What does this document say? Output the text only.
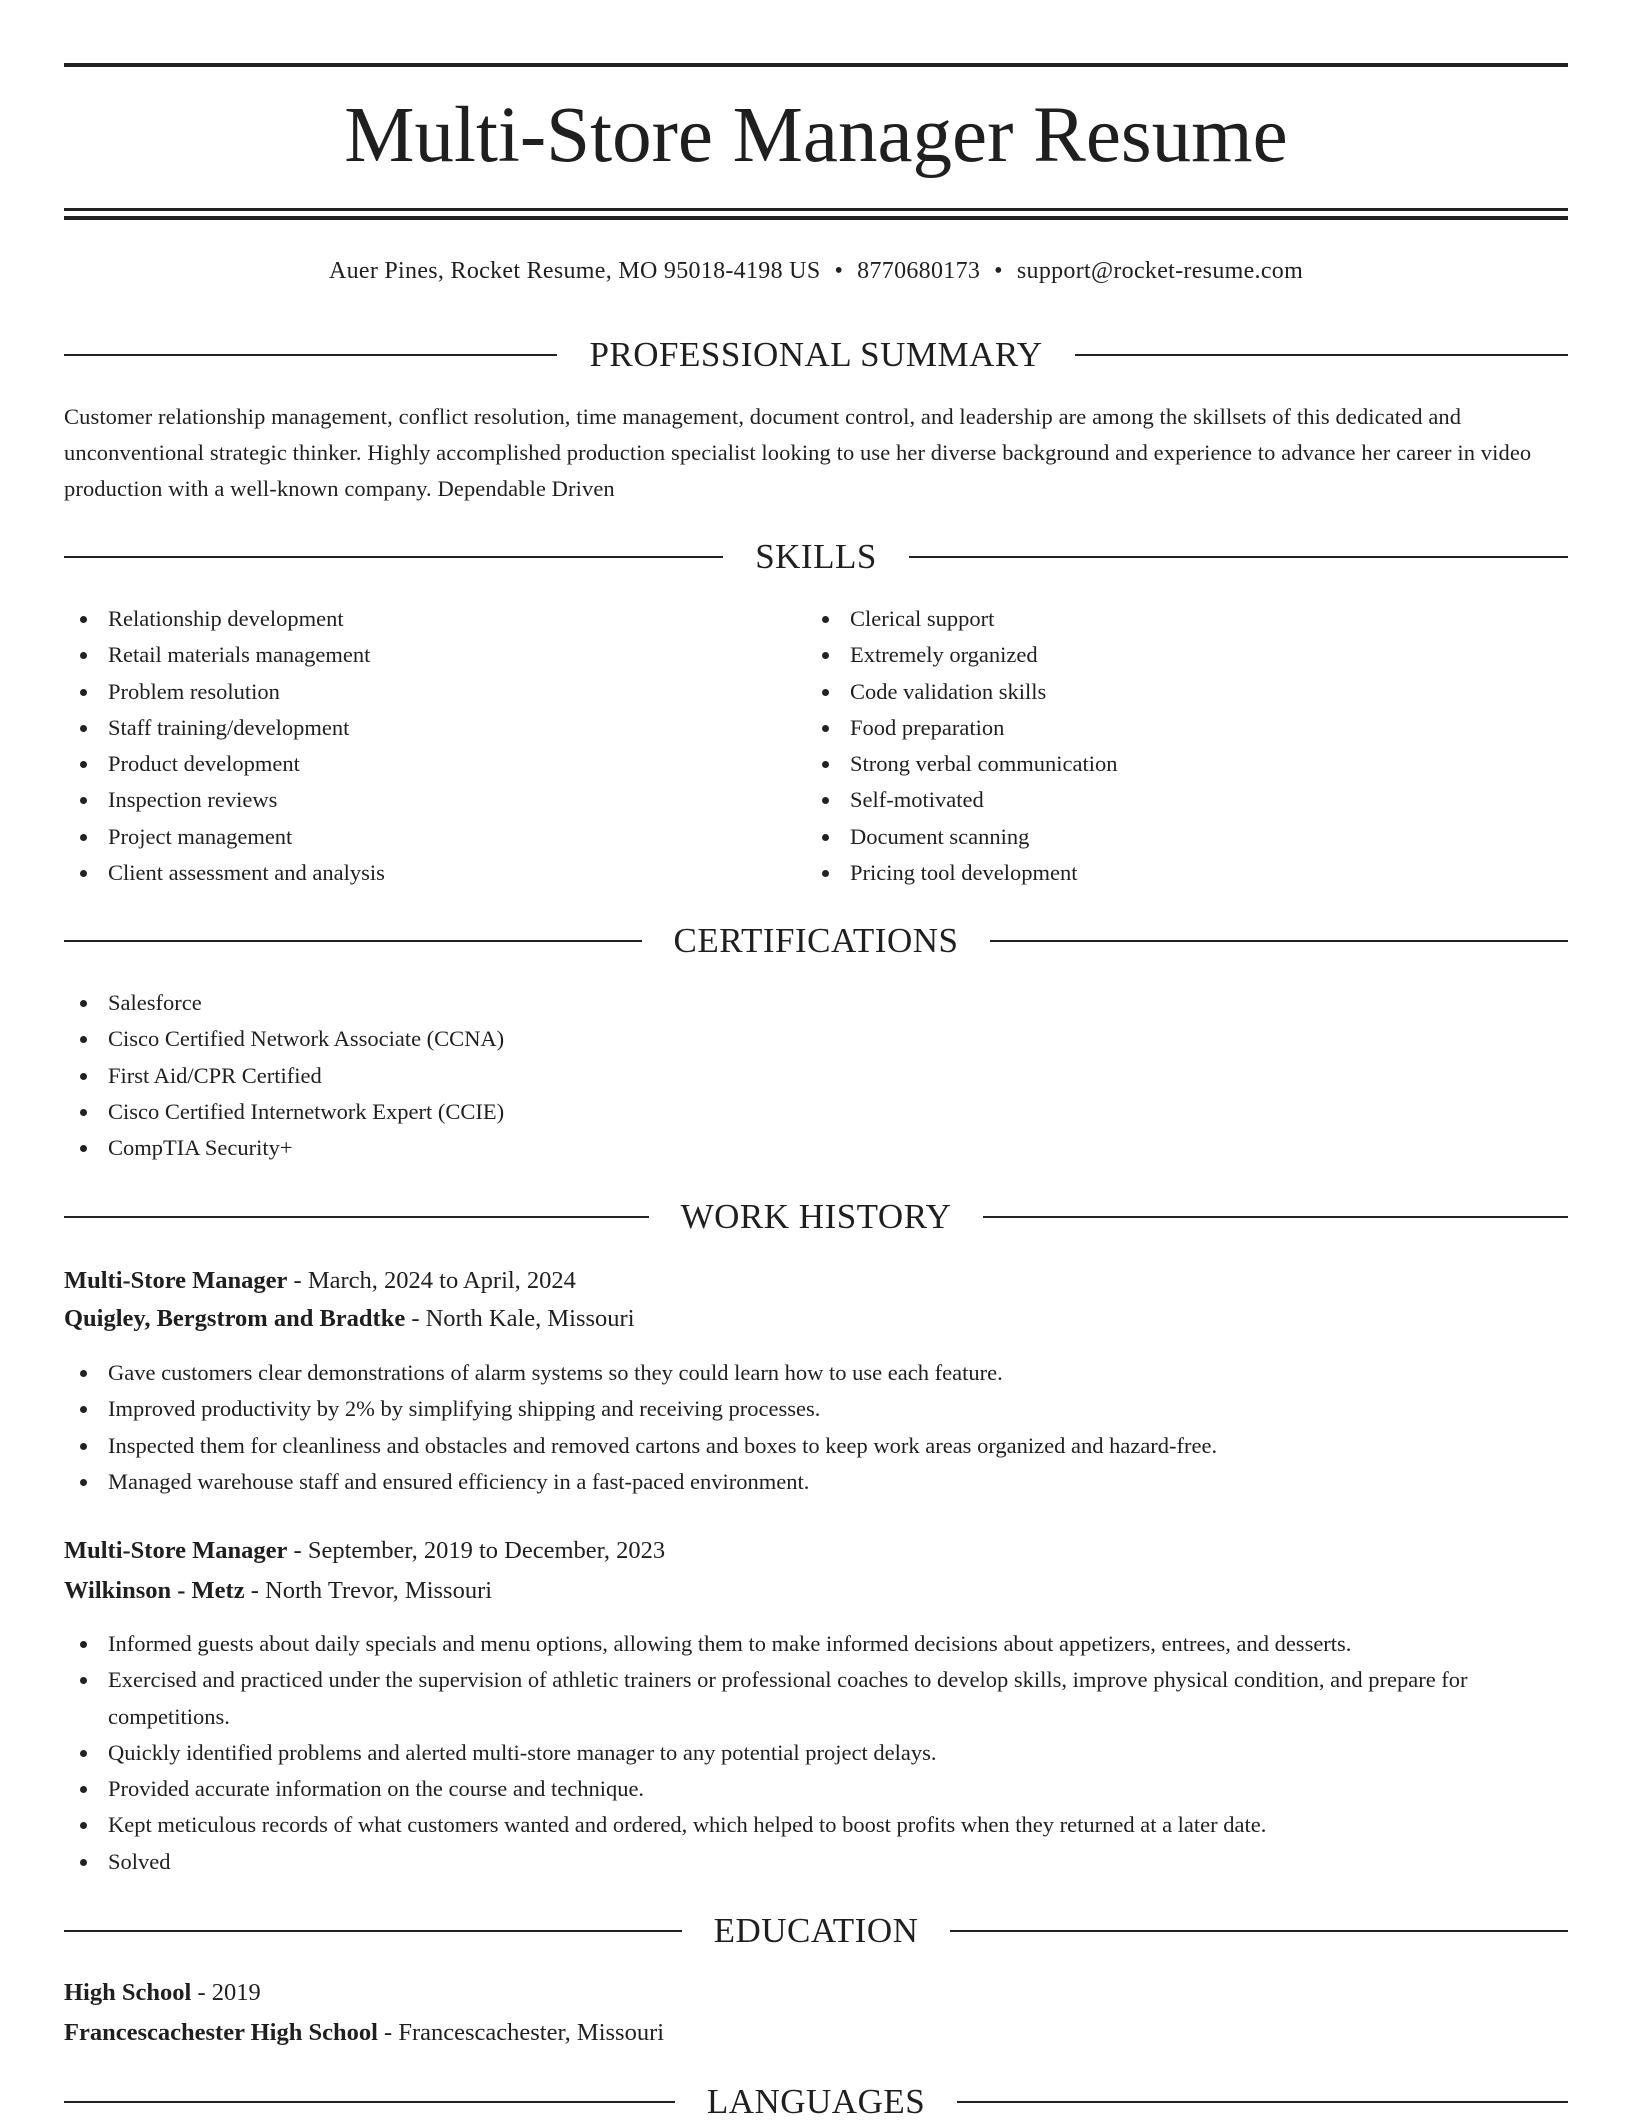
Multi-Store Manager Resume
Auer Pines, Rocket Resume, MO 95018-4198 US • 8770680173 • support@rocket-resume.com
PROFESSIONAL SUMMARY
Customer relationship management, conflict resolution, time management, document control, and leadership are among the skillsets of this dedicated and unconventional strategic thinker. Highly accomplished production specialist looking to use her diverse background and experience to advance her career in video production with a well-known company. Dependable Driven
SKILLS
Relationship development
Retail materials management
Problem resolution
Staff training/development
Product development
Inspection reviews
Project management
Client assessment and analysis
Clerical support
Extremely organized
Code validation skills
Food preparation
Strong verbal communication
Self-motivated
Document scanning
Pricing tool development
CERTIFICATIONS
Salesforce
Cisco Certified Network Associate (CCNA)
First Aid/CPR Certified
Cisco Certified Internetwork Expert (CCIE)
CompTIA Security+
WORK HISTORY
Multi-Store Manager - March, 2024 to April, 2024
Quigley, Bergstrom and Bradtke - North Kale, Missouri
Gave customers clear demonstrations of alarm systems so they could learn how to use each feature.
Improved productivity by 2% by simplifying shipping and receiving processes.
Inspected them for cleanliness and obstacles and removed cartons and boxes to keep work areas organized and hazard-free.
Managed warehouse staff and ensured efficiency in a fast-paced environment.
Multi-Store Manager - September, 2019 to December, 2023
Wilkinson - Metz - North Trevor, Missouri
Informed guests about daily specials and menu options, allowing them to make informed decisions about appetizers, entrees, and desserts.
Exercised and practiced under the supervision of athletic trainers or professional coaches to develop skills, improve physical condition, and prepare for competitions.
Quickly identified problems and alerted multi-store manager to any potential project delays.
Provided accurate information on the course and technique.
Kept meticulous records of what customers wanted and ordered, which helped to boost profits when they returned at a later date.
Solved
EDUCATION
High School - 2019
Francescachester High School - Francescachester, Missouri
LANGUAGES
